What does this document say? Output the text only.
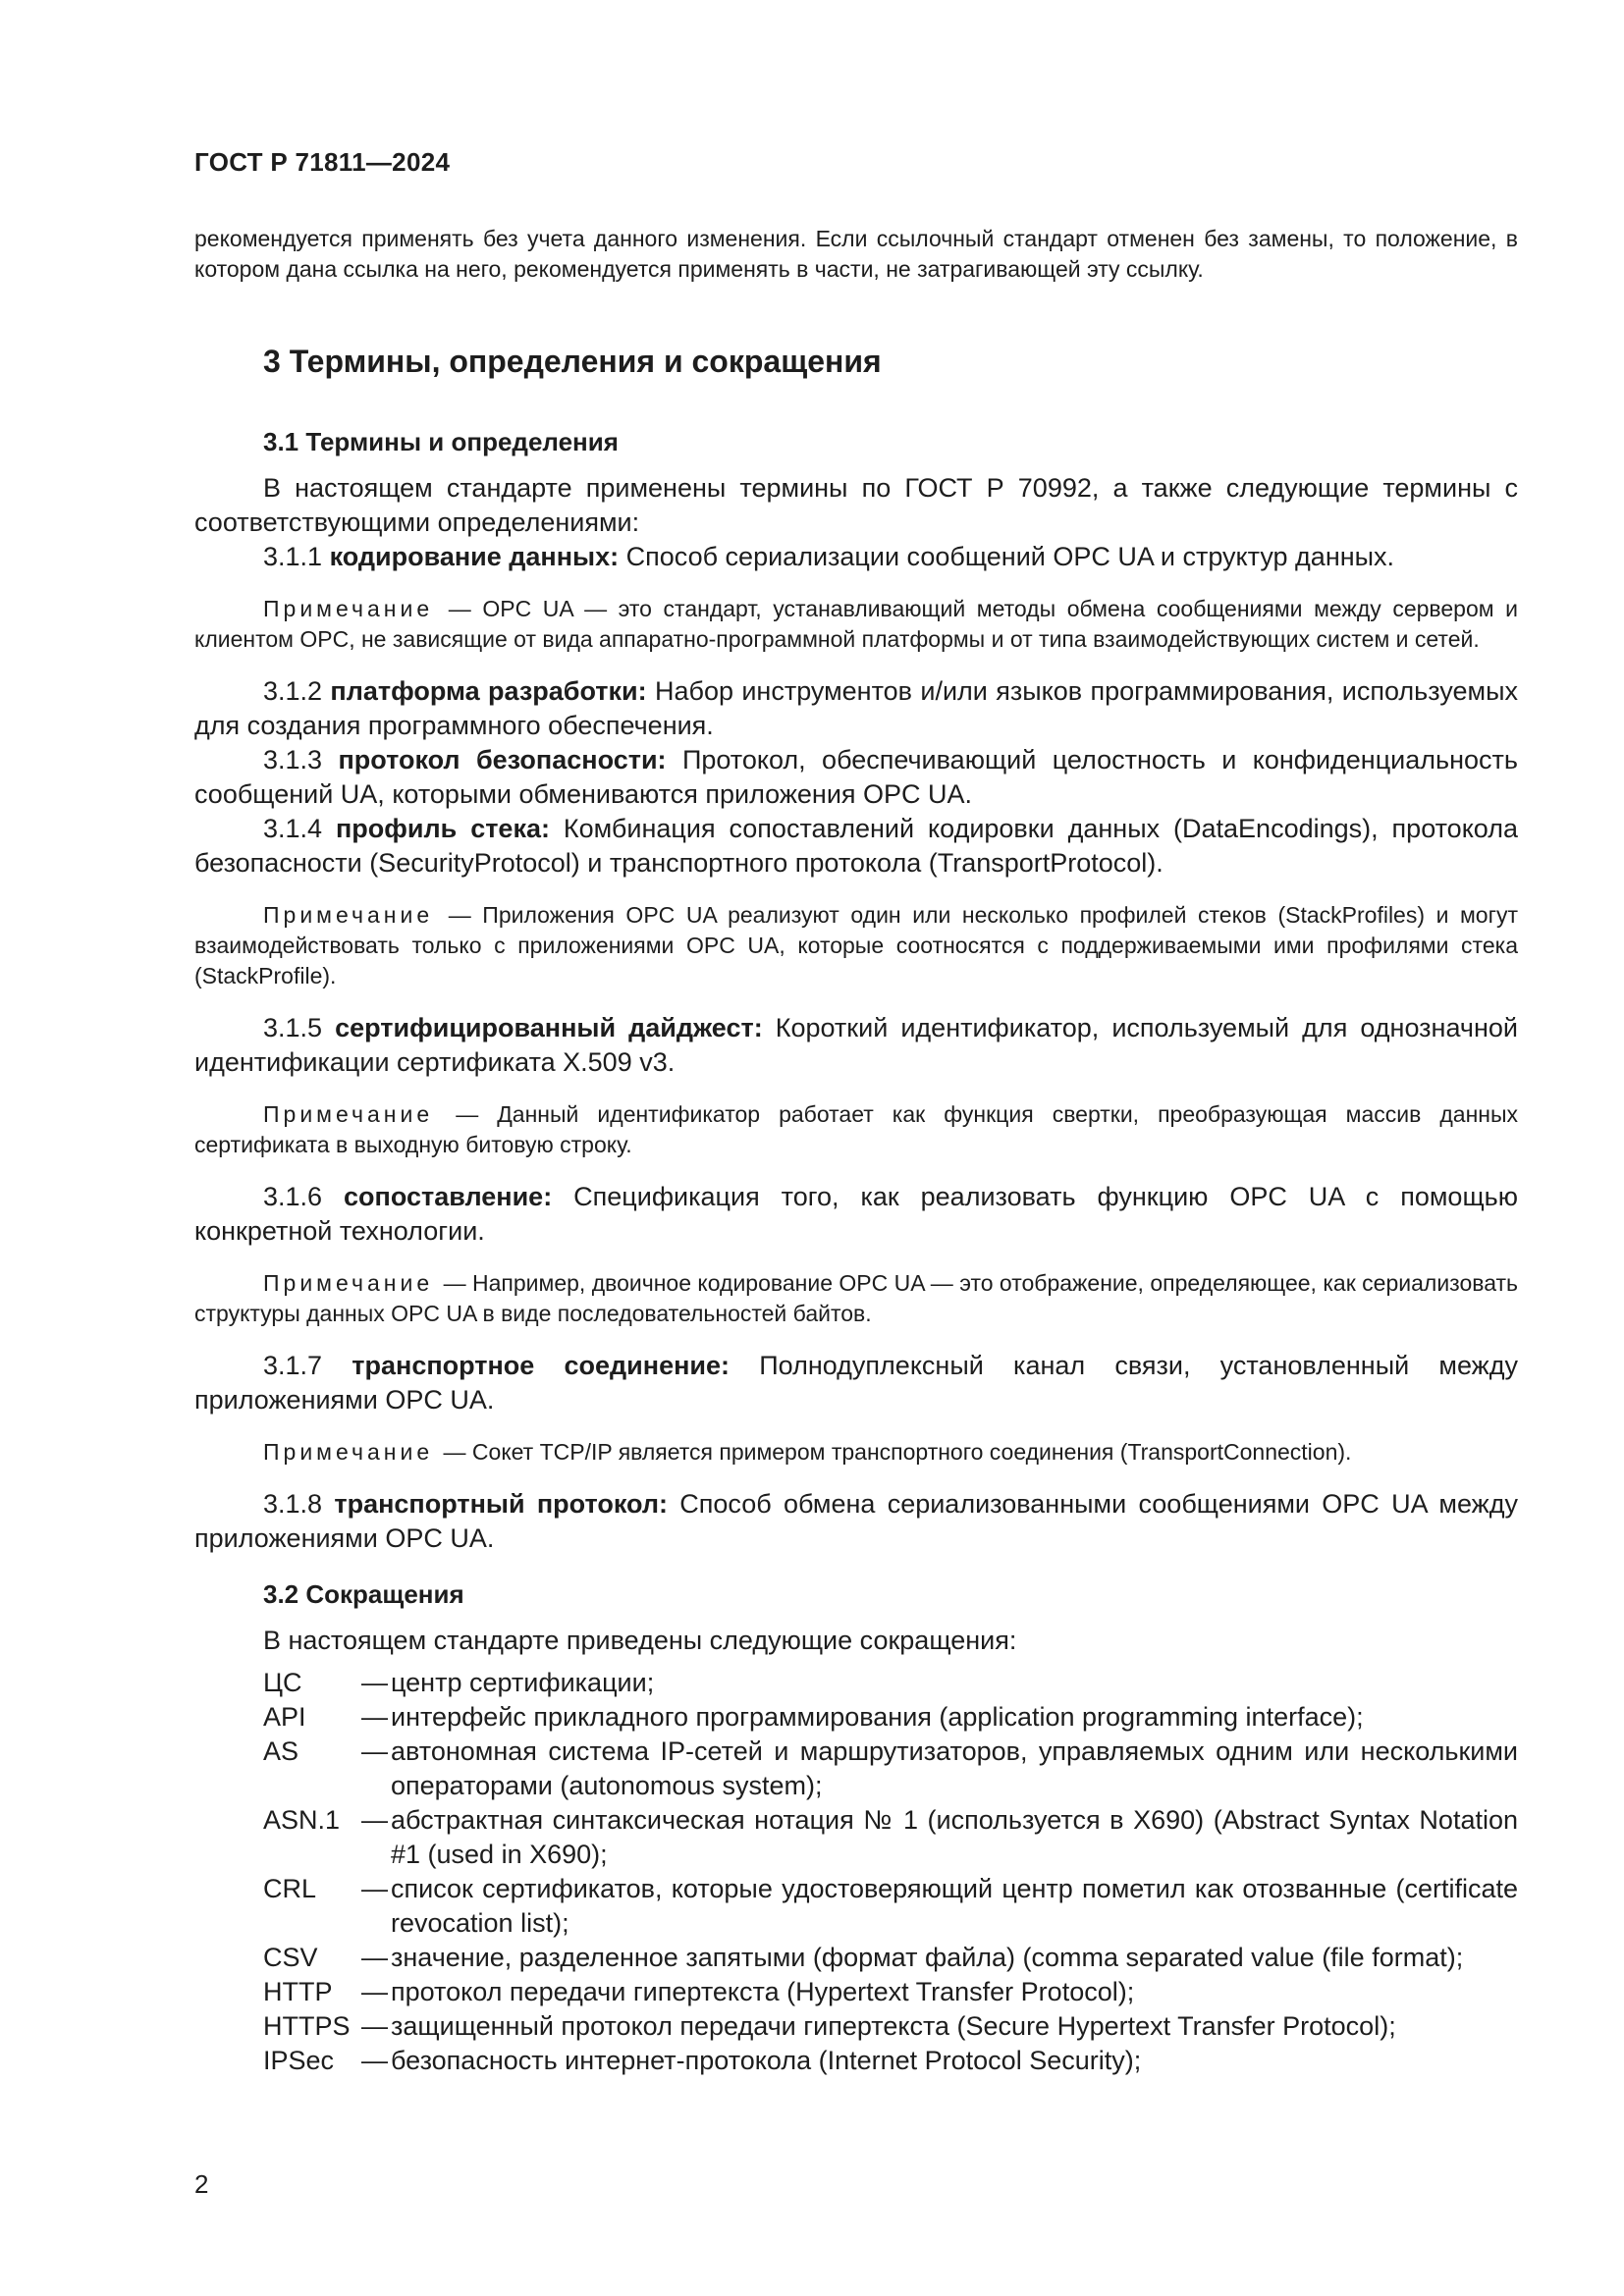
ГОСТ Р 71811—2024

рекомендуется применять без учета данного изменения. Если ссылочный стандарт отменен без замены, то положение, в котором дана ссылка на него, рекомендуется применять в части, не затрагивающей эту ссылку.

3 Термины, определения и сокращения
3.1 Термины и определения

В настоящем стандарте применены термины по ГОСТ Р 70992, а также следующие термины с соответствующими определениями:

3.1.1 кодирование данных: Способ сериализации сообщений OPC UA и структур данных.

Примечание — OPC UA — это стандарт, устанавливающий методы обмена сообщениями между сервером и клиентом OPC, не зависящие от вида аппаратно-программной платформы и от типа взаимодействующих систем и сетей.

3.1.2 платформа разработки: Набор инструментов и/или языков программирования, используемых для создания программного обеспечения.

3.1.3 протокол безопасности: Протокол, обеспечивающий целостность и конфиденциальность сообщений UA, которыми обмениваются приложения OPC UA.

3.1.4 профиль стека: Комбинация сопоставлений кодировки данных (DataEncodings), протокола безопасности (SecurityProtocol) и транспортного протокола (TransportProtocol).

Примечание — Приложения OPC UA реализуют один или несколько профилей стеков (StackProfiles) и могут взаимодействовать только с приложениями OPC UA, которые соотносятся с поддерживаемыми ими профилями стека (StackProfile).

3.1.5 сертифицированный дайджест: Короткий идентификатор, используемый для однозначной идентификации сертификата X.509 v3.

Примечание — Данный идентификатор работает как функция свертки, преобразующая массив данных сертификата в выходную битовую строку.

3.1.6 сопоставление: Спецификация того, как реализовать функцию OPC UA с помощью конкретной технологии.

Примечание — Например, двоичное кодирование OPC UA — это отображение, определяющее, как сериализовать структуры данных OPC UA в виде последовательностей байтов.

3.1.7 транспортное соединение: Полнодуплексный канал связи, установленный между приложениями OPC UA.

Примечание — Сокет TCP/IP является примером транспортного соединения (TransportConnection).

3.1.8 транспортный протокол: Способ обмена сериализованными сообщениями OPC UA между приложениями OPC UA.

3.2 Сокращения

В настоящем стандарте приведены следующие сокращения:

ЦС	— центр сертификации;
API	— интерфейс прикладного программирования (application programming interface);
AS	— автономная система IP-сетей и маршрутизаторов, управляемых одним или несколькими операторами (autonomous system);
ASN.1 — абстрактная синтаксическая нотация № 1 (используется в X690) (Abstract Syntax Notation #1 (used in X690);
CRL	— список сертификатов, которые удостоверяющий центр пометил как отозванные (certificate revocation list);
CSV	— значение, разделенное запятыми (формат файла) (comma separated value (file format);
HTTP	— протокол передачи гипертекста (Hypertext Transfer Protocol);
HTTPS — защищенный протокол передачи гипертекста (Secure Hypertext Transfer Protocol);
IPSec	— безопасность интернет-протокола (Internet Protocol Security);
2
